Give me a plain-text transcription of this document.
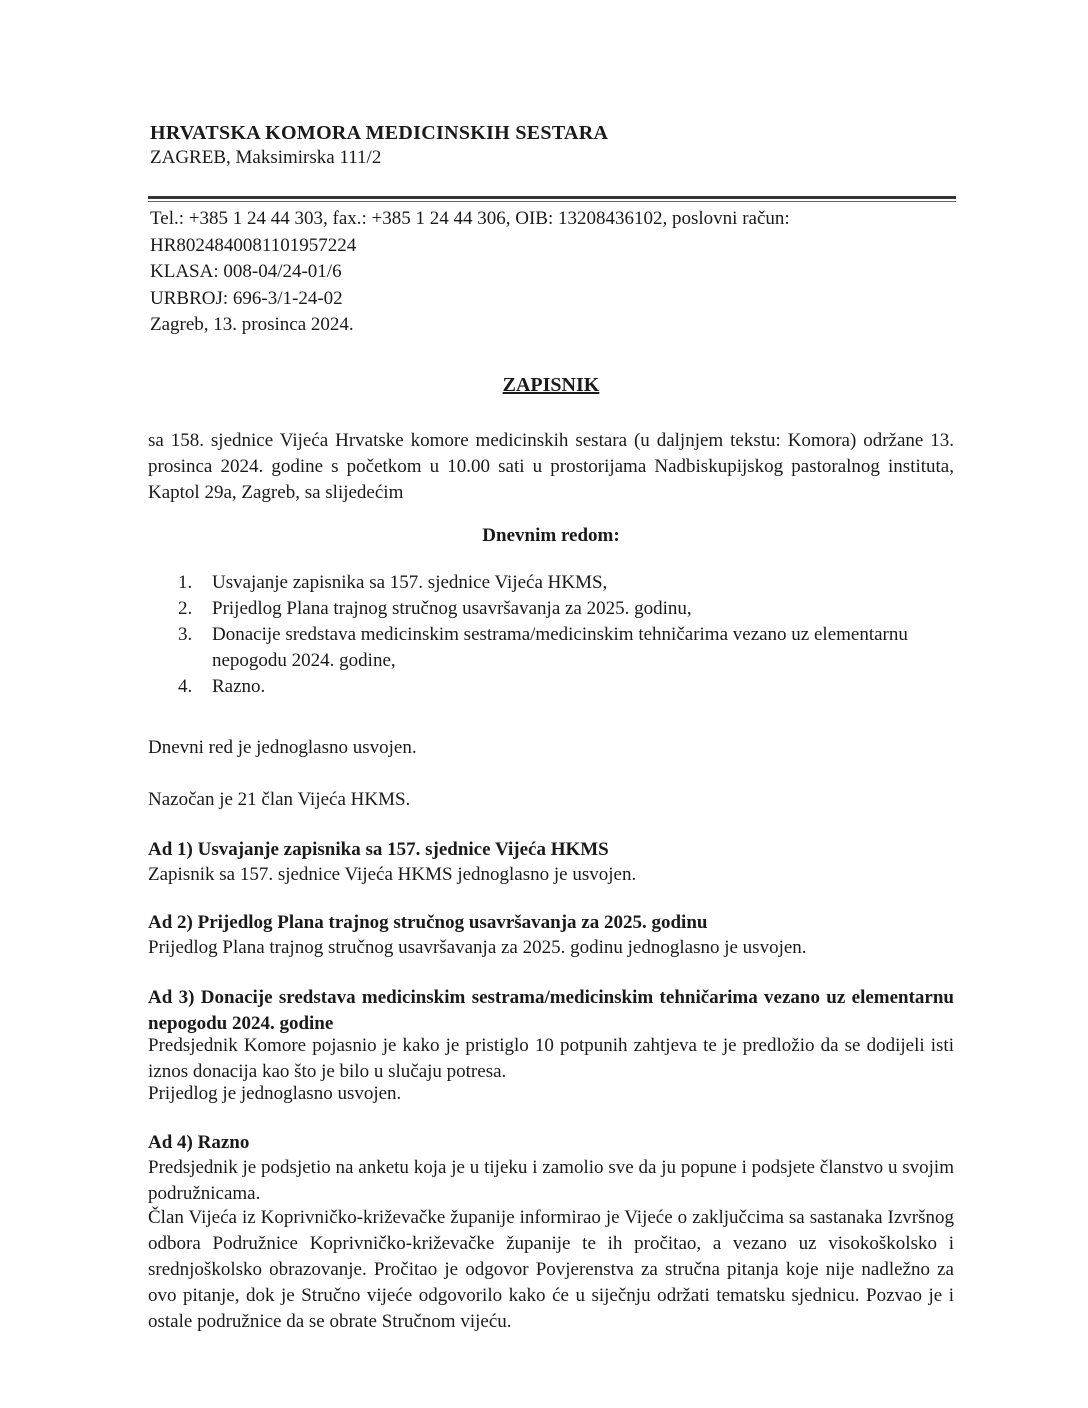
HRVATSKA KOMORA MEDICINSKIH SESTARA
ZAGREB, Maksimirska 111/2
Tel.: +385 1 24 44 303, fax.: +385 1 24 44 306, OIB: 13208436102, poslovni račun:
HR8024840081101957224
KLASA: 008-04/24-01/6
URBROJ: 696-3/1-24-02
Zagreb, 13. prosinca 2024.
ZAPISNIK
sa 158. sjednice Vijeća Hrvatske komore medicinskih sestara (u daljnjem tekstu: Komora) održane 13. prosinca 2024. godine s početkom u 10.00 sati u prostorijama Nadbiskupijskog pastoralnog instituta, Kaptol 29a, Zagreb, sa slijedećim
Dnevnim redom:
1. Usvajanje zapisnika sa 157. sjednice Vijeća HKMS,
2. Prijedlog Plana trajnog stručnog usavršavanja za 2025. godinu,
3. Donacije sredstava medicinskim sestrama/medicinskim tehničarima vezano uz elementarnu nepogodu 2024. godine,
4. Razno.
Dnevni red je jednoglasno usvojen.
Nazočan je 21 član Vijeća HKMS.
Ad 1) Usvajanje zapisnika sa 157. sjednice Vijeća HKMS
Zapisnik sa 157. sjednice Vijeća HKMS jednoglasno je usvojen.
Ad 2) Prijedlog Plana trajnog stručnog usavršavanja za 2025. godinu
Prijedlog Plana trajnog stručnog usavršavanja za 2025. godinu jednoglasno je usvojen.
Ad 3) Donacije sredstava medicinskim sestrama/medicinskim tehničarima vezano uz elementarnu nepogodu 2024. godine
Predsjednik Komore pojasnio je kako je pristiglo 10 potpunih zahtjeva te je predložio da se dodijeli isti iznos donacija kao što je bilo u slučaju potresa.
Prijedlog je jednoglasno usvojen.
Ad 4) Razno
Predsjednik je podsjetio na anketu koja je u tijeku i zamolio sve da ju popune i podsjete članstvo u svojim podružnicama.
Član Vijeća iz Koprivničko-križevačke županije informirao je Vijeće o zaključcima sa sastanaka Izvršnog odbora Podružnice Koprivničko-križevačke županije te ih pročitao, a vezano uz visokoškolsko i srednjoškolsko obrazovanje. Pročitao je odgovor Povjerenstva za stručna pitanja koje nije nadležno za ovo pitanje, dok je Stručno vijeće odgovorilo kako će u siječnju održati tematsku sjednicu. Pozvao je i ostale podružnice da se obrate Stručnom vijeću.
